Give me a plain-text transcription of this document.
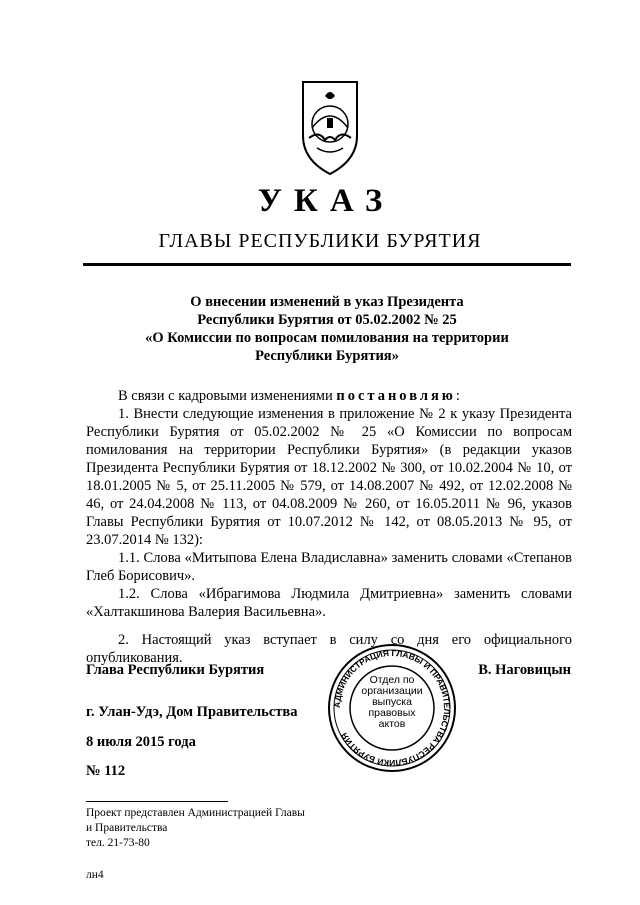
УКАЗ
ГЛАВЫ РЕСПУБЛИКИ БУРЯТИЯ
О внесении изменений в указ Президента
Республики Бурятия от 05.02.2002 № 25
«О Комиссии по вопросам помилования на территории
Республики Бурятия»

В связи с кадровыми изменениями постановляю:

1. Внести следующие изменения в приложение № 2 к указу Президента Республики Бурятия от 05.02.2002 № 25 «О Комиссии по вопросам помилования на территории Республики Бурятия» (в редакции указов Президента Республики Бурятия от 18.12.2002 № 300, от 10.02.2004 № 10, от 18.01.2005 № 5, от 25.11.2005 № 579, от 14.08.2007 № 492, от 12.02.2008 № 46, от 24.04.2008 № 113, от 04.08.2009 № 260, от 16.05.2011 № 96, указов Главы Республики Бурятия от 10.07.2012 № 142, от 08.05.2013 № 95, от 23.07.2014 № 132):

1.1. Слова «Митыпова Елена Владиславна» заменить словами «Степанов Глеб Борисович».

1.2. Слова «Ибрагимова Людмила Дмитриевна» заменить словами «Халтакшинова Валерия Васильевна».

2. Настоящий указ вступает в силу со дня его официального опубликования.

Глава Республики Бурятия	В. Наговицын
г. Улан-Удэ, Дом Правительства
8 июля 2015 года
№ 112
АДМИНИСТРАЦИЯ ГЛАВЫ И ПРАВИТЕЛЬСТВА РЕСПУБЛИКИ БУРЯТИЯ
Отдел по
организации
выпуска
правовых
актов
Проект представлен Администрацией Главы
и Правительства
тел. 21-73-80
лн4
